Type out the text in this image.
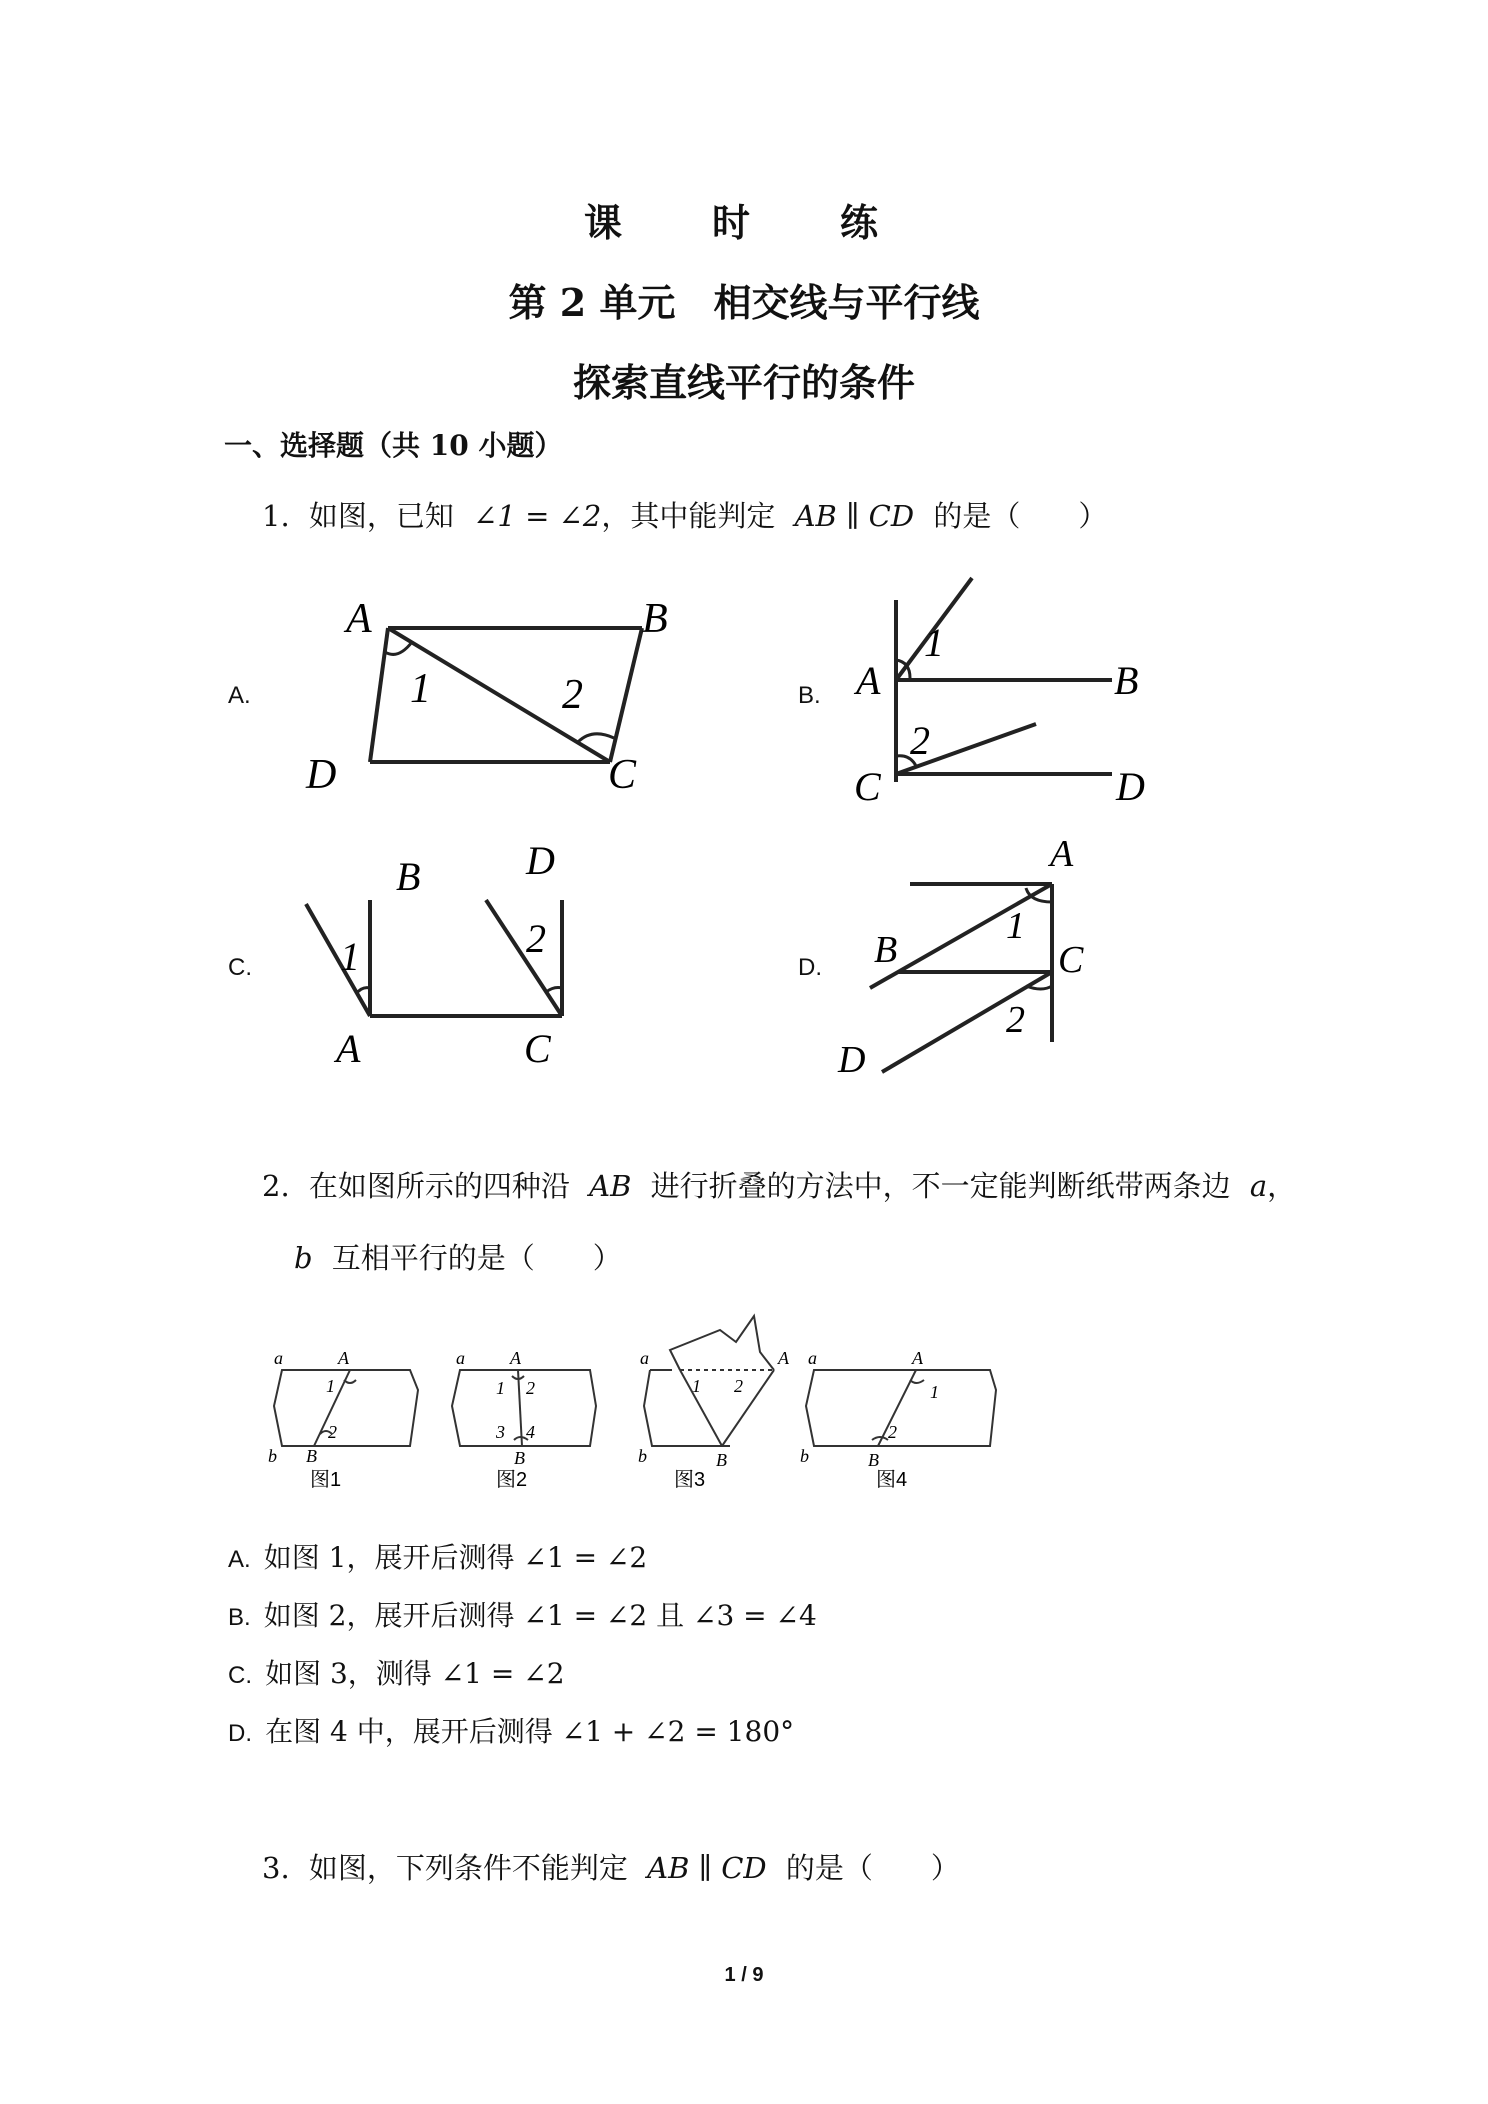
课　时　练
第 2 单元　相交线与平行线
探索直线平行的条件
一、选择题（共 10 小题）
1. 如图，已知 ∠1 = ∠2，其中能判定 AB ∥ CD 的是（　　）
A.	B.
C.	D.
A	B
D	C
1	2	A	B
C	D
1
2
B	D
1	2
A	C
A
B	C
D
1
2
2. 在如图所示的四种沿 AB 进行折叠的方法中，不一定能判断纸带两条边 a，
b 互相平行的是（　　）
a	A
1
2
b B
a	A
1 2
3 4
B
a	A
1 2
b	B
a	A
1
2
b	B
图1	图2	图3	图4
A. 如图 1，展开后测得 ∠1 = ∠2
B. 如图 2，展开后测得 ∠1 = ∠2 且 ∠3 = ∠4
C. 如图 3，测得 ∠1 = ∠2
D. 在图 4 中，展开后测得 ∠1 + ∠2 = 180°
3. 如图，下列条件不能判定 AB ∥ CD 的是（　　）
1 / 9
